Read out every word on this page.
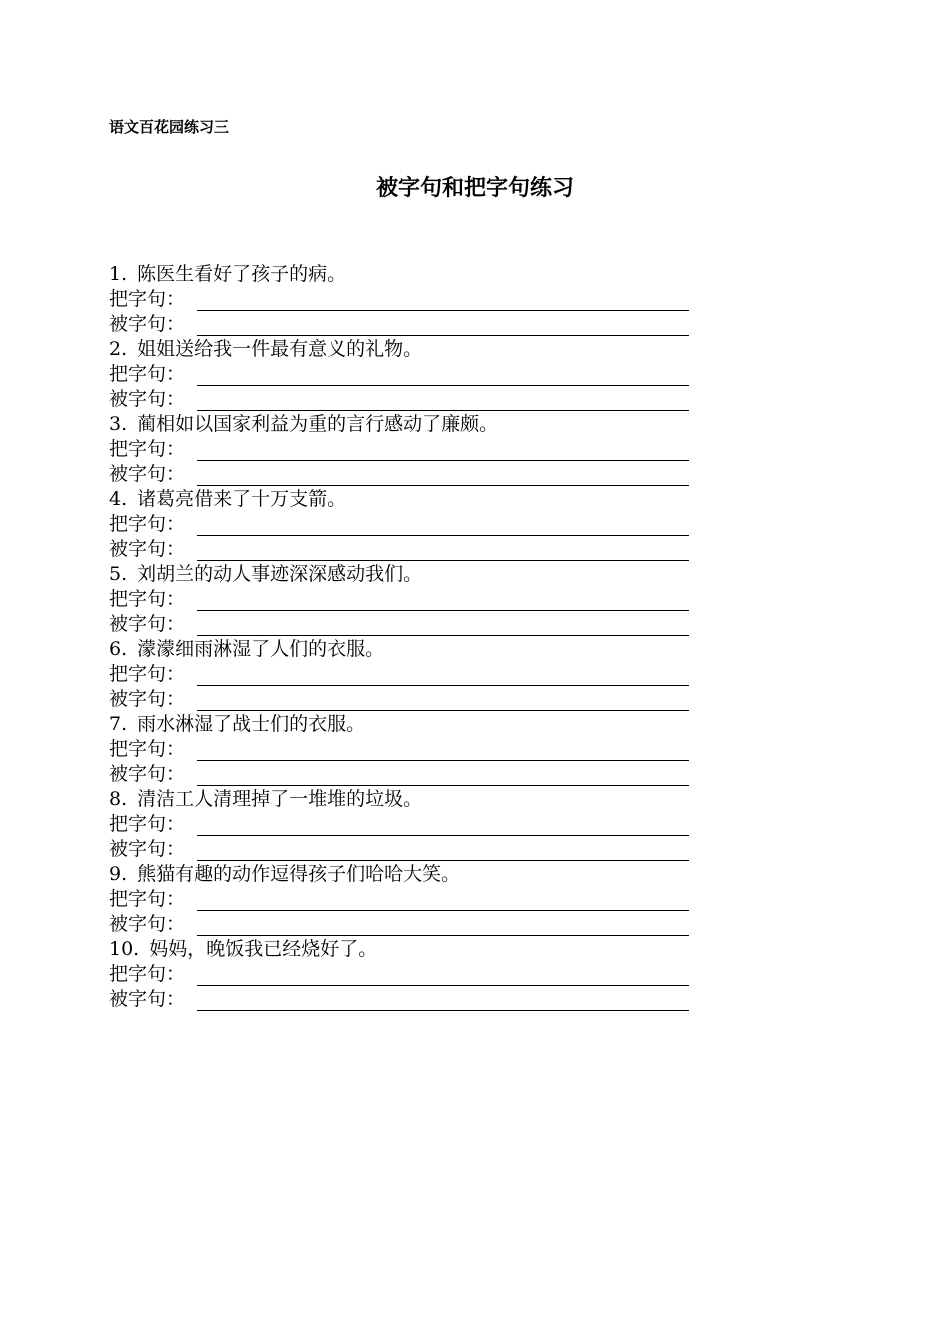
语文百花园练习三
被字句和把字句练习
1. 陈医生看好了孩子的病。
把字句：
被字句：
2. 姐姐送给我一件最有意义的礼物。
把字句：
被字句：
3. 蔺相如以国家利益为重的言行感动了廉颇。
把字句：
被字句：
4. 诸葛亮借来了十万支箭。
把字句：
被字句：
5. 刘胡兰的动人事迹深深感动我们。
把字句：
被字句：
6. 濛濛细雨淋湿了人们的衣服。
把字句：
被字句：
7. 雨水淋湿了战士们的衣服。
把字句：
被字句：
8. 清洁工人清理掉了一堆堆的垃圾。
把字句：
被字句：
9. 熊猫有趣的动作逗得孩子们哈哈大笑。
把字句：
被字句：
10. 妈妈，晚饭我已经烧好了。
把字句：
被字句：
